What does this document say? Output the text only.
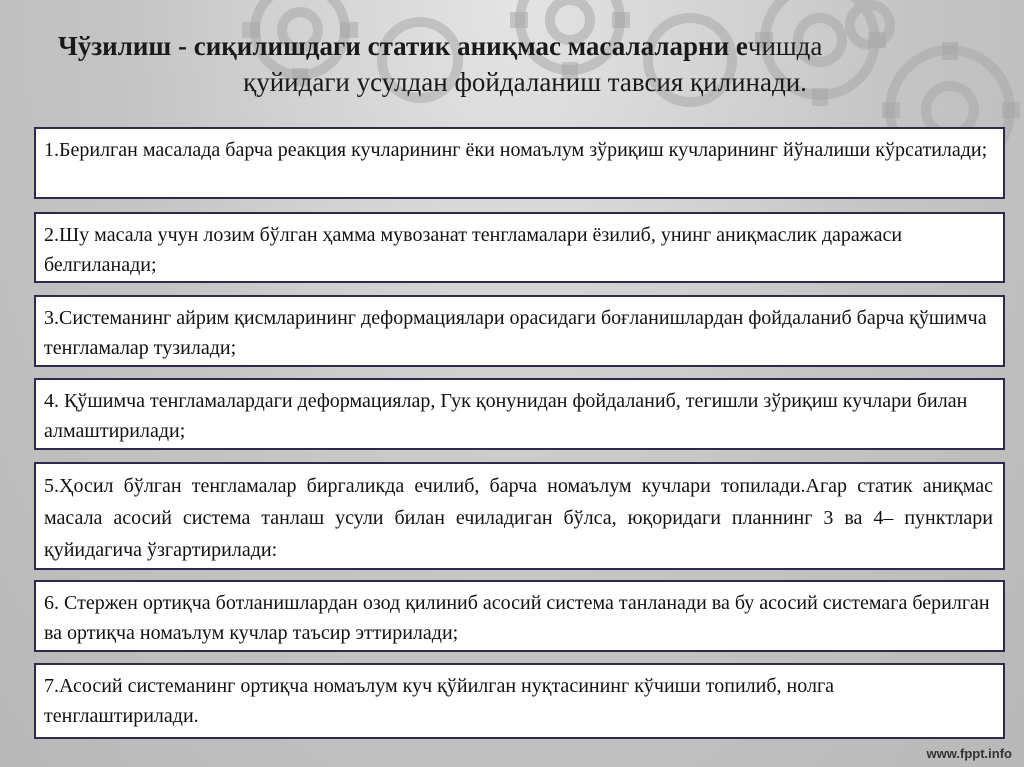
Чўзилиш - сиқилишдаги статик аниқмас масалаларни ечишда
қуйидаги усулдан фойдаланиш тавсия қилинади.
1.Берилган масалада барча реакция кучларининг ёки номаълум зўриқиш кучларининг йўналиши кўрсатилади;
2.Шу масала учун лозим бўлган ҳамма мувозанат тенгламалари ёзилиб, унинг аниқмаслик даражаси белгиланади;
3.Системанинг айрим қисмларининг деформациялари орасидаги боғланишлардан фойдаланиб барча қўшимча тенгламалар тузилади;
4. Қўшимча тенгламалардаги деформациялар, Гук қонунидан фойдаланиб, тегишли зўриқиш кучлари билан алмаштирилади;
5.Ҳосил бўлган тенгламалар биргаликда ечилиб, барча номаълум кучлари топилади.Агар статик аниқмас масала асосий система танлаш усули билан ечиладиган бўлса, юқоридаги планнинг 3 ва 4– пунктлари қуйидагича ўзгартирилади:
6. Стержен ортиқча ботланишлардан озод қилиниб асосий система танланади ва бу асосий системага берилган ва ортиқча номаълум кучлар таъсир эттирилади;
7.Асосий системанинг ортиқча номаълум куч қўйилган нуқтасининг кўчиши топилиб, нолга тенглаштирилади.
www.fppt.info
